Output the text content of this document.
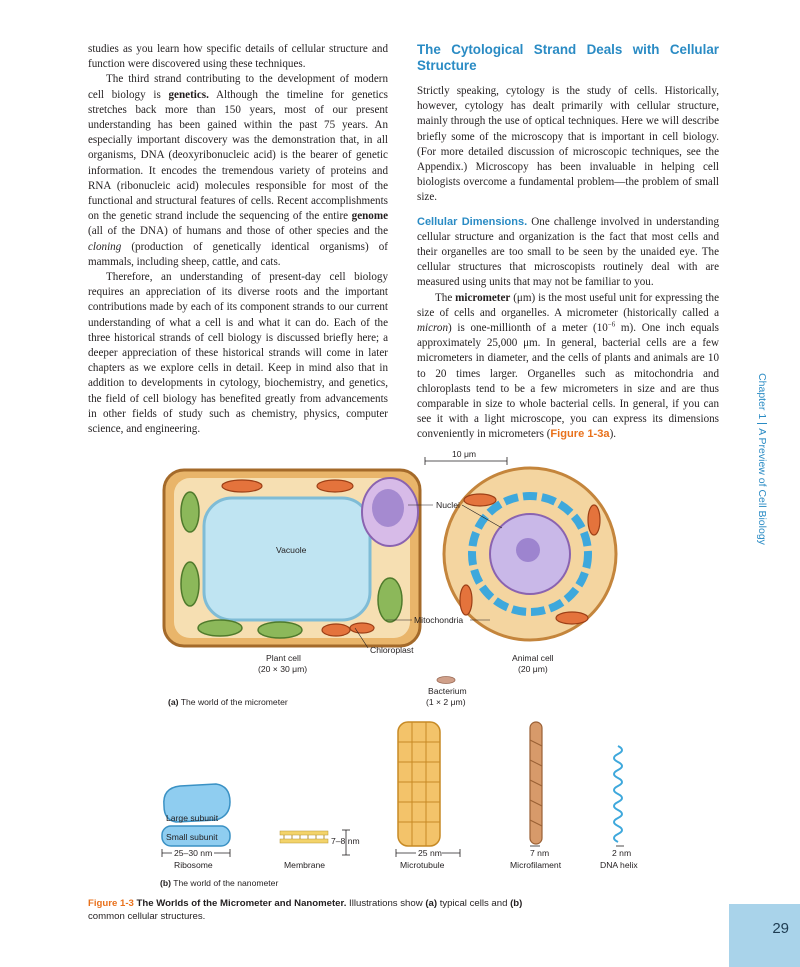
studies as you learn how specific details of cellular structure and function were discovered using these techniques.

The third strand contributing to the development of modern cell biology is genetics. Although the timeline for genetics stretches back more than 150 years, most of our present understanding has been gained within the past 75 years. An especially important discovery was the demonstration that, in all organisms, DNA (deoxyribonucleic acid) is the bearer of genetic information. It encodes the tremendous variety of proteins and RNA (ribonucleic acid) molecules responsible for most of the functional and structural features of cells. Recent accomplishments on the genetic strand include the sequencing of the entire genome (all of the DNA) of humans and those of other species and the cloning (production of genetically identical organisms) of mammals, including sheep, cattle, and cats.

Therefore, an understanding of present-day cell biology requires an appreciation of its diverse roots and the important contributions made by each of its component strands to our current understanding of what a cell is and what it can do. Each of the three historical strands of cell biology is discussed briefly here; a deeper appreciation of these historical strands will come in later chapters as we explore cells in detail. Keep in mind also that in addition to developments in cytology, biochemistry, and genetics, the field of cell biology has benefited greatly from advancements in other fields of study such as chemistry, physics, computer science, and engineering.

The Cytological Strand Deals with Cellular Structure

Strictly speaking, cytology is the study of cells. Historically, however, cytology has dealt primarily with cellular structure, mainly through the use of optical techniques. Here we will describe briefly some of the microscopy that is important in cell biology. (For more detailed discussion of microscopic techniques, see the Appendix.) Microscopy has been invaluable in helping cell biologists overcome a fundamental problem—the problem of small size.

Cellular Dimensions. One challenge involved in understanding cellular structure and organization is the fact that most cells and their organelles are too small to be seen by the unaided eye. The cellular structures that microscopists routinely deal with are measured using units that may not be familiar to you.

The micrometer (μm) is the most useful unit for expressing the size of cells and organelles. A micrometer (historically called a micron) is one-millionth of a meter ($10^{-6}$ m). One inch equals approximately 25,000 μm. In general, bacterial cells are a few micrometers in diameter, and the cells of plants and animals are 10 to 20 times larger. Organelles such as mitochondria and chloroplasts tend to be a few micrometers in size and are thus comparable in size to whole bacterial cells. In general, if you can see it with a light microscope, you can express its dimensions conveniently in micrometers (Figure 1-3a).

Chapter 1A Preview of Cell Biology
10 μm
Vacuole
Nuclei
Mitochondria
Chloroplast
Plant cell
(20 × 30 μm)
Animal cell
(20 μm)
Bacterium
(1 × 2 μm)
(a) The world of the micrometer
Large subunit
Small subunit
25–30 nm
Ribosome
7–8 nm
Membrane
25 nm
Microtubule
7 nm
Microfilament
2 nm
DNA helix
(b) The world of the nanometer
Figure 1-3 The Worlds of the Micrometer and Nanometer. Illustrations show (a) typical cells and (b) common cellular structures.
29
